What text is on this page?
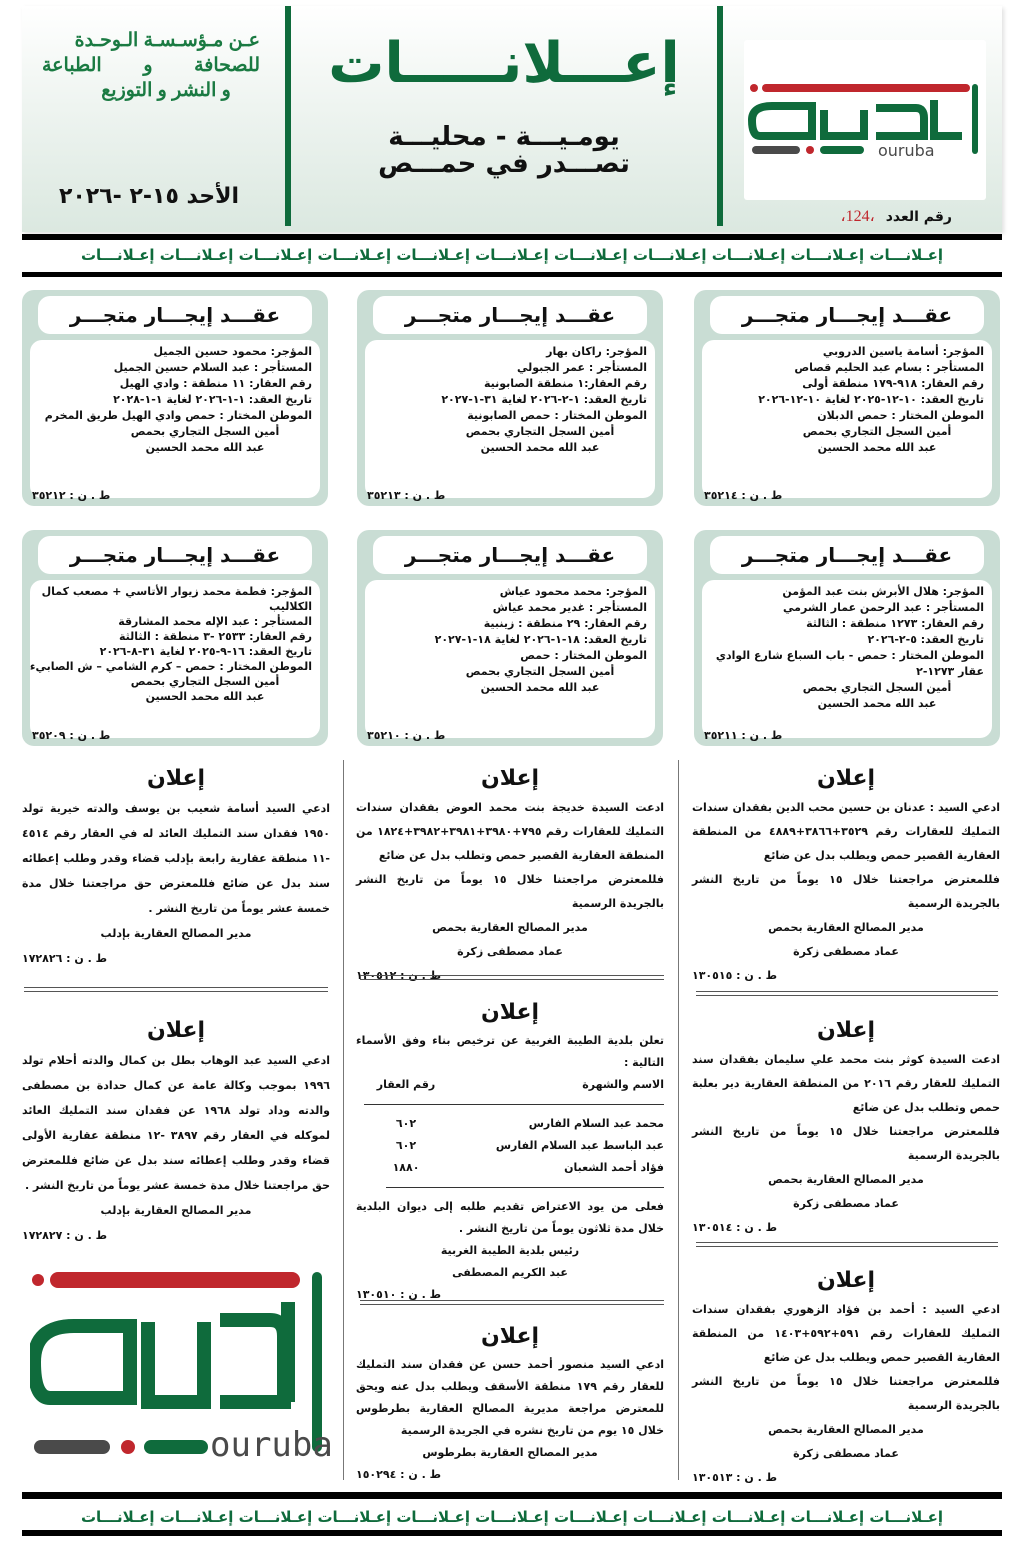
عـن مـؤسـسـة الـوحـدة
للصحافة
و
الطباعة
و النشر و التوزيع
الأحد ١٥-٢ -٢٠٢٦
إعـــلانـــــات
يومـيـــة - محليـــة
تصـــدر في حمـــص	ouruba
رقم العدد ،124،
إعـلانـــات إعـلانـــات إعـلانـــات إعـلانـــات إعـلانـــات إعـلانـــات إعـلانـــات إعـلانـــات إعـلانـــات إعـلانـــات إعـلانـــات
عقـــد إيجـــار متجـــر
المؤجر: أسامة ياسين الدروبي
المستأجر : بسام عبد الحليم قصاص
رقم العقار: ٩١٨-١٧٩ منطقة أولى
تاريخ العقد: ١٠-١٢-٢٠٢٥ لغاية ١٠-١٢-٢٠٢٦
الموطن المختار : حمص الدبلان
أمين السجل التجاري بحمص
عبد الله محمد الحسين
ط . ن : ٣٥٢١٤
عقـــد إيجـــار متجـــر
المؤجر: راكان بهار
المستأجر : عمر الجبولي
رقم العقار:١ منطقة الصابونية
تاريخ العقد: ١-٢-٢٠٢٦ لغاية ٣١-١-٢٠٢٧
الموطن المختار : حمص الصابونية
أمين السجل التجاري بحمص
عبد الله محمد الحسين
ط . ن : ٣٥٢١٣
عقـــد إيجـــار متجـــر
المؤجر: محمود حسين الجميل
المستأجر : عبد السلام حسين الجميل
رقم العقار: ١١ منطقة : وادي الهيل
تاريخ العقد: ١-١-٢٠٢٦ لغاية ١-١-٢٠٢٨
الموطن المختار : حمص وادي الهيل طريق المخرم
أمين السجل التجاري بحمص
عبد الله محمد الحسين
ط . ن : ٣٥٢١٢
عقـــد إيجـــار متجـــر
المؤجر: هلال الأبرش بنت عبد المؤمن
المستأجر : عبد الرحمن عمار الشرمي
رقم العقار: ١٢٧٣ منطقة : الثالثة
تاريخ العقد: ٥-٢-٢٠٢٦
الموطن المختار : حمص - باب السباع شارع الوادي عقار ١٢٧٣-٢
أمين السجل التجاري بحمص
عبد الله محمد الحسين
ط . ن : ٣٥٢١١
عقـــد إيجـــار متجـــر
المؤجر: محمد محمود عياش
المستأجر : غدير محمد عياش
رقم العقار: ٢٩ منطقة : زينبية
تاريخ العقد: ١٨-١-٢٠٢٦ لغاية ١٨-١-٢٠٢٧
الموطن المختار : حمص
أمين السجل التجاري بحمص
عبد الله محمد الحسين
ط . ن : ٣٥٢١٠
عقـــد إيجـــار متجـــر
المؤجر: فطمة محمد زيوار الأتاسي + مصعب كمال الكلاليب
المستأجر : عبد الإله محمد المشارقة
رقم العقار: ٢٥٣٣ -٣ منطقة : الثالثة
تاريخ العقد: ١٦-٩-٢٠٢٥ لغاية ٣١-٨-٢٠٢٦
الموطن المختار : حمص – كرم الشامي – ش الصابيء
أمين السجل التجاري بحمص
عبد الله محمد الحسين
ط . ن : ٣٥٢٠٩
إعلان
ادعي السيد : عدنان بن حسين محب الدين بفقدان سندات التمليك للعقارات رقم ٣٥٢٩+٣٨٦٦+٤٨٨٩ من المنطقة العقارية القصير حمص ويطلب بدل عن ضائع
فللمعترض مراجعتنا خلال ١٥ يوماً من تاريخ النشر بالجريدة الرسمية
مدير المصالح العقارية بحمص
عماد مصطفى زكرة
ط . ن : ١٣٠٥١٥
إعلان
ادعت السيدة كوثر بنت محمد علي سليمان بفقدان سند التمليك للعقار رقم ٢٠١٦ من المنطقة العقارية دير بعلبة حمص وتطلب بدل عن ضائع
فللمعترض مراجعتنا خلال ١٥ يوماً من تاريخ النشر بالجريدة الرسمية
مدير المصالح العقارية بحمص
عماد مصطفى زكرة
ط . ن : ١٣٠٥١٤
إعلان
ادعي السيد : أحمد بن فؤاد الزهوري بفقدان سندات التمليك للعقارات رقم ٥٩١+٥٩٢+١٤٠٣ من المنطقة العقارية القصير حمص ويطلب بدل عن ضائع
فللمعترض مراجعتنا خلال ١٥ يوماً من تاريخ النشر بالجريدة الرسمية
مدير المصالح العقارية بحمص
عماد مصطفى زكرة
ط . ن : ١٣٠٥١٣
إعلان
ادعت السيدة خديجة بنت محمد العوض بفقدان سندات التمليك للعقارات رقم ٧٩٥+٣٩٨٠+٣٩٨١+٣٩٨٢+١٨٢٤ من المنطقة العقارية القصير حمص وتطلب بدل عن ضائع
فللمعترض مراجعتنا خلال ١٥ يوماً من تاريخ النشر بالجريدة الرسمية
مدير المصالح العقارية بحمص
عماد مصطفى زكرة
ط . ن : ١٣٠٥١٢
إعلان
تعلن بلدية الطيبة الغربية عن ترخيص بناء وفق الأسماء التالية :
الاسم والشهرة
رقم العقار
محمد عبد السلام الفارس
٦٠٢
عبد الباسط عبد السلام الفارس
٦٠٢
فؤاد أحمد الشعبان
١٨٨٠
فعلى من يود الاعتراض تقديم طلبه إلى ديوان البلدية خلال مدة ثلاثون يوماً من تاريخ النشر .
رئيس بلدية الطيبة الغربية
عبد الكريم المصطفى
ط . ن : ١٣٠٥١٠
إعلان
ادعي السيد منصور أحمد حسن عن فقدان سند التمليك للعقار رقم ١٧٩ منطقة الأسقف ويطلب بدل عنه ويحق للمعترض مراجعة مديرية المصالح العقارية بطرطوس خلال ١٥ يوم من تاريخ نشره في الجريدة الرسمية
مدير المصالح العقارية بطرطوس
ط . ن : ١٥٠٢٩٤
إعلان
ادعي السيد أسامة شعيب بن يوسف والدته خيرية تولد ١٩٥٠ فقدان سند التمليك العائد له في العقار رقم ٤٥١٤ -١١ منطقة عقارية رابعة بإدلب قضاء وقدر وطلب إعطائه سند بدل عن ضائع فللمعترض حق مراجعتنا خلال مدة خمسة عشر يوماً من تاريخ النشر .
مدير المصالح العقارية بإدلب
ط . ن : ١٧٢٨٢٦
إعلان
ادعي السيد عبد الوهاب بطل بن كمال والدته أحلام تولد ١٩٩٦ بموجب وكالة عامة عن كمال حدادة بن مصطفى والدته وداد تولد ١٩٦٨ عن فقدان سند التمليك العائد لموكله في العقار رقم ٣٨٩٧ -١٢ منطقة عقارية الأولى قضاء وقدر وطلب إعطائه سند بدل عن ضائع فللمعترض حق مراجعتنا خلال مدة خمسة عشر يوماً من تاريخ النشر .
مدير المصالح العقارية بإدلب
ط . ن : ١٧٢٨٢٧
ouruba
إعـلانـــات إعـلانـــات إعـلانـــات إعـلانـــات إعـلانـــات إعـلانـــات إعـلانـــات إعـلانـــات إعـلانـــات إعـلانـــات إعـلانـــات
